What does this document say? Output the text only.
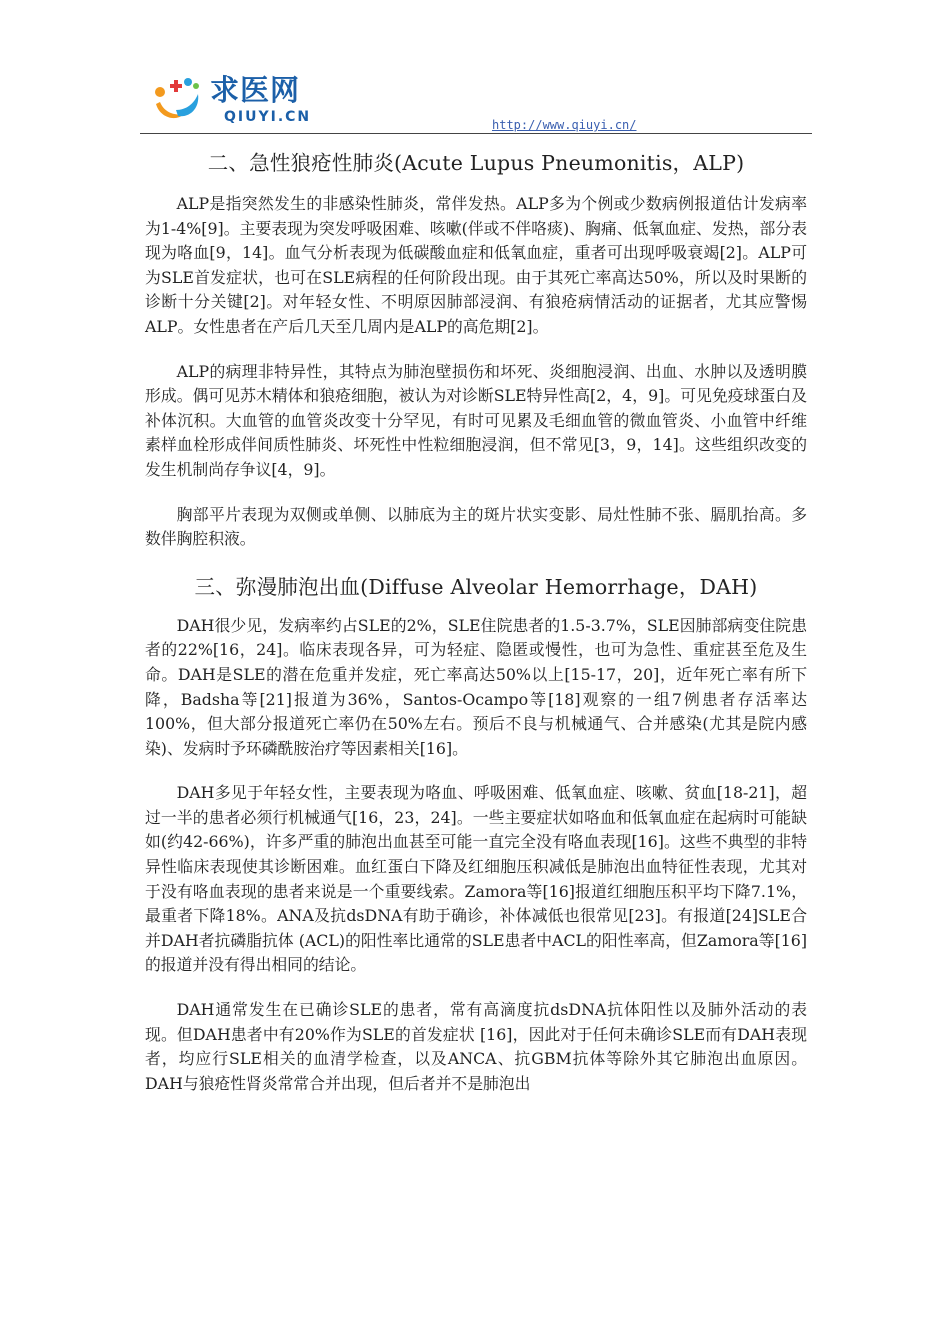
求医网
QIUYI.CN	http://www.qiuyi.cn/
二、急性狼疮性肺炎(Acute Lupus Pneumonitis，ALP)

ALP是指突然发生的非感染性肺炎，常伴发热。ALP多为个例或少数病例报道估计发病率为1-4%[9]。主要表现为突发呼吸困难、咳嗽(伴或不伴咯痰)、胸痛、低氧血症、发热，部分表现为咯血[9，14]。血气分析表现为低碳酸血症和低氧血症，重者可出现呼吸衰竭[2]。ALP可为SLE首发症状，也可在SLE病程的任何阶段出现。由于其死亡率高达50%，所以及时果断的诊断十分关键[2]。对年轻女性、不明原因肺部浸润、有狼疮病情活动的证据者，尤其应警惕ALP。女性患者在产后几天至几周内是ALP的高危期[2]。

ALP的病理非特异性，其特点为肺泡壁损伤和坏死、炎细胞浸润、出血、水肿以及透明膜形成。偶可见苏木精体和狼疮细胞，被认为对诊断SLE特异性高[2，4，9]。可见免疫球蛋白及补体沉积。大血管的血管炎改变十分罕见，有时可见累及毛细血管的微血管炎、小血管中纤维素样血栓形成伴间质性肺炎、坏死性中性粒细胞浸润，但不常见[3，9，14]。这些组织改变的发生机制尚存争议[4，9]。

胸部平片表现为双侧或单侧、以肺底为主的斑片状实变影、局灶性肺不张、膈肌抬高。多数伴胸腔积液。

三、弥漫肺泡出血(Diffuse Alveolar Hemorrhage，DAH)

DAH很少见，发病率约占SLE的2%，SLE住院患者的1.5-3.7%，SLE因肺部病变住院患者的22%[16，24]。临床表现各异，可为轻症、隐匿或慢性，也可为急性、重症甚至危及生命。DAH是SLE的潜在危重并发症，死亡率高达50%以上[15-17，20]，近年死亡率有所下降，Badsha等[21]报道为36%，Santos-Ocampo等[18]观察的一组7例患者存活率达100%，但大部分报道死亡率仍在50%左右。预后不良与机械通气、合并感染(尤其是院内感染)、发病时予环磷酰胺治疗等因素相关[16]。

DAH多见于年轻女性，主要表现为咯血、呼吸困难、低氧血症、咳嗽、贫血[18-21]，超过一半的患者必须行机械通气[16，23，24]。一些主要症状如咯血和低氧血症在起病时可能缺如(约42-66%)，许多严重的肺泡出血甚至可能一直完全没有咯血表现[16]。这些不典型的非特异性临床表现使其诊断困难。血红蛋白下降及红细胞压积减低是肺泡出血特征性表现，尤其对于没有咯血表现的患者来说是一个重要线索。Zamora等[16]报道红细胞压积平均下降7.1%，最重者下降18%。ANA及抗dsDNA有助于确诊，补体减低也很常见[23]。有报道[24]SLE合并DAH者抗磷脂抗体 (ACL)的阳性率比通常的SLE患者中ACL的阳性率高，但Zamora等[16]的报道并没有得出相同的结论。

DAH通常发生在已确诊SLE的患者，常有高滴度抗dsDNA抗体阳性以及肺外活动的表现。但DAH患者中有20%作为SLE的首发症状 [16]，因此对于任何未确诊SLE而有DAH表现者，均应行SLE相关的血清学检查，以及ANCA、抗GBM抗体等除外其它肺泡出血原因。DAH与狼疮性肾炎常常合并出现，但后者并不是肺泡出
